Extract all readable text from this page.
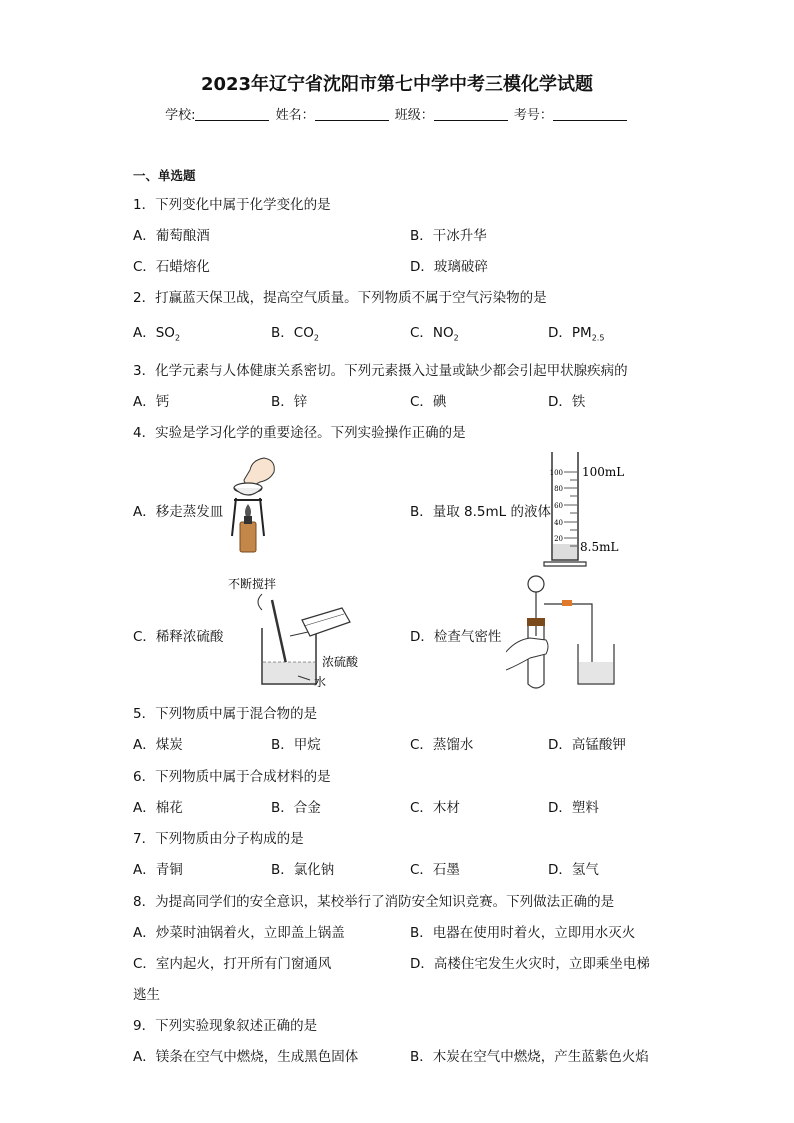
2023年辽宁省沈阳市第七中学中考三模化学试题
学校:	姓名：	班级：	考号：
一、单选题
1．下列变化中属于化学变化的是
A．葡萄酿酒	B．干冰升华
C．石蜡熔化	D．玻璃破碎
2．打赢蓝天保卫战，提高空气质量。下列物质不属于空气污染物的是
A．$SO_2$	B．$CO_2$	C．$NO_2$	D．$PM_{2.5}$
3．化学元素与人体健康关系密切。下列元素摄入过量或缺少都会引起甲状腺疾病的
A．钙	B．锌	C．碘	D．铁
4．实验是学习化学的重要途径。下列实验操作正确的是
A．移走蒸发皿	B．量取 8.5mL 的液体
C．稀释浓硫酸	D．检查气密性
100
80
60
40
20
100mL
8.5mL
不断搅拌
浓硫酸
水
5．下列物质中属于混合物的是
A．煤炭	B．甲烷	C．蒸馏水	D．高锰酸钾
6．下列物质中属于合成材料的是
A．棉花	B．合金	C．木材	D．塑料
7．下列物质由分子构成的是
A．青铜	B．氯化钠	C．石墨	D．氢气
8．为提高同学们的安全意识，某校举行了消防安全知识竞赛。下列做法正确的是
A．炒菜时油锅着火，立即盖上锅盖	B．电器在使用时着火，立即用水灭火
C．室内起火，打开所有门窗通风	D．高楼住宅发生火灾时，立即乘坐电梯
逃生
9．下列实验现象叙述正确的是
A．镁条在空气中燃烧，生成黑色固体	B．木炭在空气中燃烧，产生蓝紫色火焰
